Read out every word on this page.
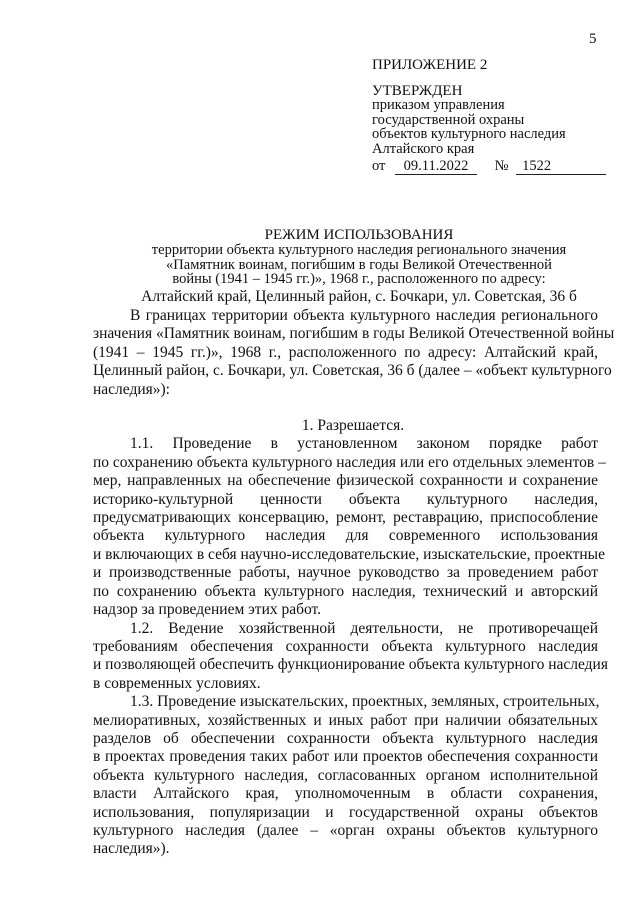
5
ПРИЛОЖЕНИЕ 2
УТВЕРЖДЕН
приказом управления
государственной охраны
объектов культурного наследия
Алтайского края
от 09.11.2022 № 1522
РЕЖИМ ИСПОЛЬЗОВАНИЯ
территории объекта культурного наследия регионального значения
«Памятник воинам, погибшим в годы Великой Отечественной
войны (1941 – 1945 гг.)», 1968 г., расположенного по адресу:
Алтайский край, Целинный район, с. Бочкари, ул. Советская, 36 б
В границах территории объекта культурного наследия регионального
значения «Памятник воинам, погибшим в годы Великой Отечественной войны
(1941 – 1945 гг.)», 1968 г., расположенного по адресу: Алтайский край,
Целинный район, с. Бочкари, ул. Советская, 36 б (далее – «объект культурного
наследия»):
1. Разрешается.
1.1. Проведение в установленном законом порядке работ
по сохранению объекта культурного наследия или его отдельных элементов –
мер, направленных на обеспечение физической сохранности и сохранение
историко-культурной ценности объекта культурного наследия,
предусматривающих консервацию, ремонт, реставрацию, приспособление
объекта культурного наследия для современного использования
и включающих в себя научно-исследовательские, изыскательские, проектные
и производственные работы, научное руководство за проведением работ
по сохранению объекта культурного наследия, технический и авторский
надзор за проведением этих работ.
1.2. Ведение хозяйственной деятельности, не противоречащей
требованиям обеспечения сохранности объекта культурного наследия
и позволяющей обеспечить функционирование объекта культурного наследия
в современных условиях.
1.3. Проведение изыскательских, проектных, земляных, строительных,
мелиоративных, хозяйственных и иных работ при наличии обязательных
разделов об обеспечении сохранности объекта культурного наследия
в проектах проведения таких работ или проектов обеспечения сохранности
объекта культурного наследия, согласованных органом исполнительной
власти Алтайского края, уполномоченным в области сохранения,
использования, популяризации и государственной охраны объектов
культурного наследия (далее – «орган охраны объектов культурного
наследия»).
